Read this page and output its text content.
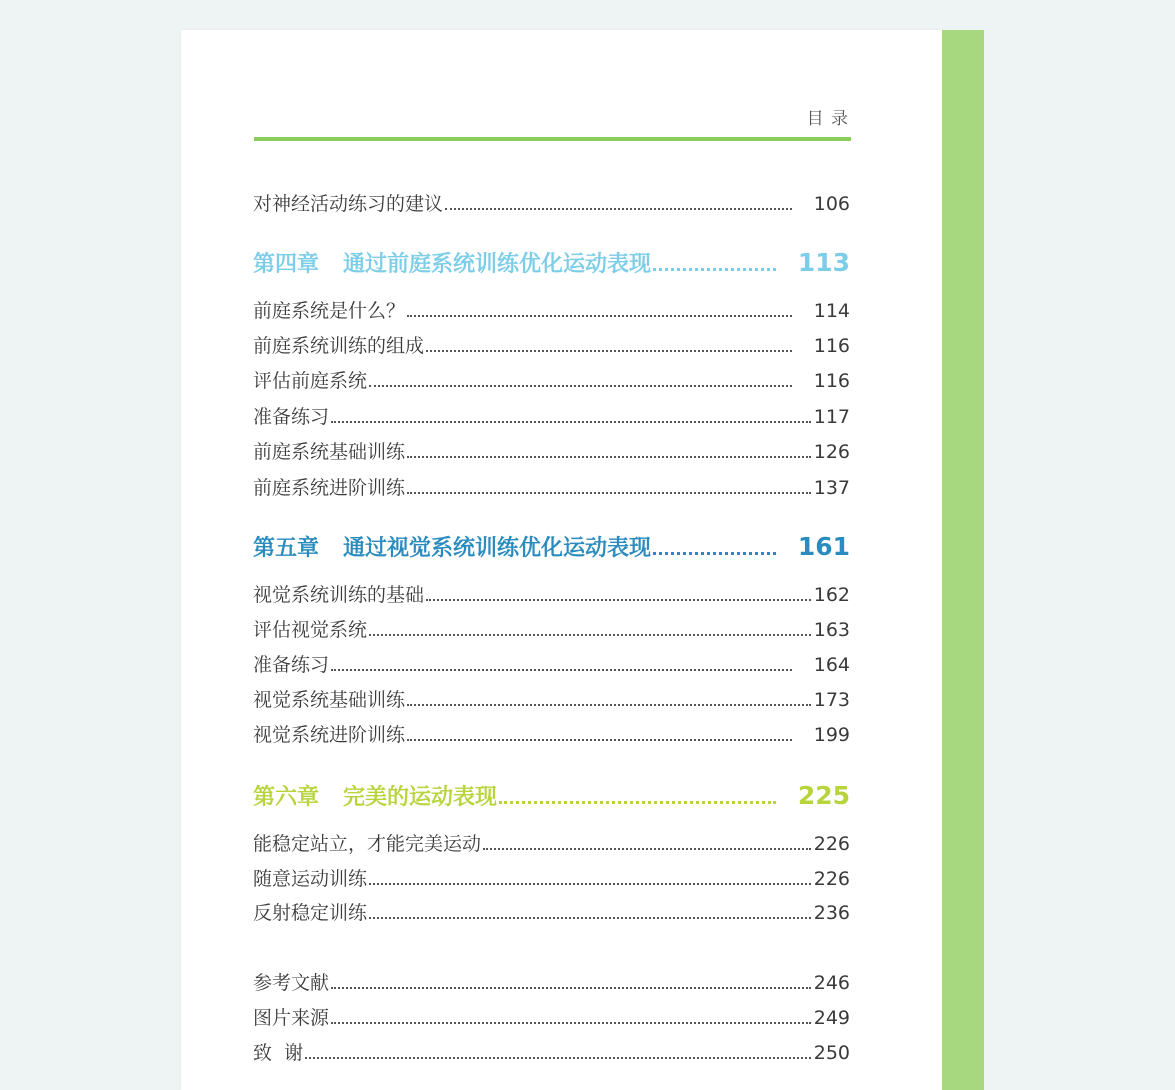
目 录
对神经活动练习的建议	106
第四章 通过前庭系统训练优化运动表现	113
前庭系统是什么？	114
前庭系统训练的组成	116
评估前庭系统	116
准备练习	117
前庭系统基础训练	126
前庭系统进阶训练	137
第五章 通过视觉系统训练优化运动表现	161
视觉系统训练的基础	162
评估视觉系统	163
准备练习	164
视觉系统基础训练	173
视觉系统进阶训练	199
第六章 完美的运动表现	225
能稳定站立，才能完美运动	226
随意运动训练	226
反射稳定训练	236
参考文献	246
图片来源	249
致  谢	250
